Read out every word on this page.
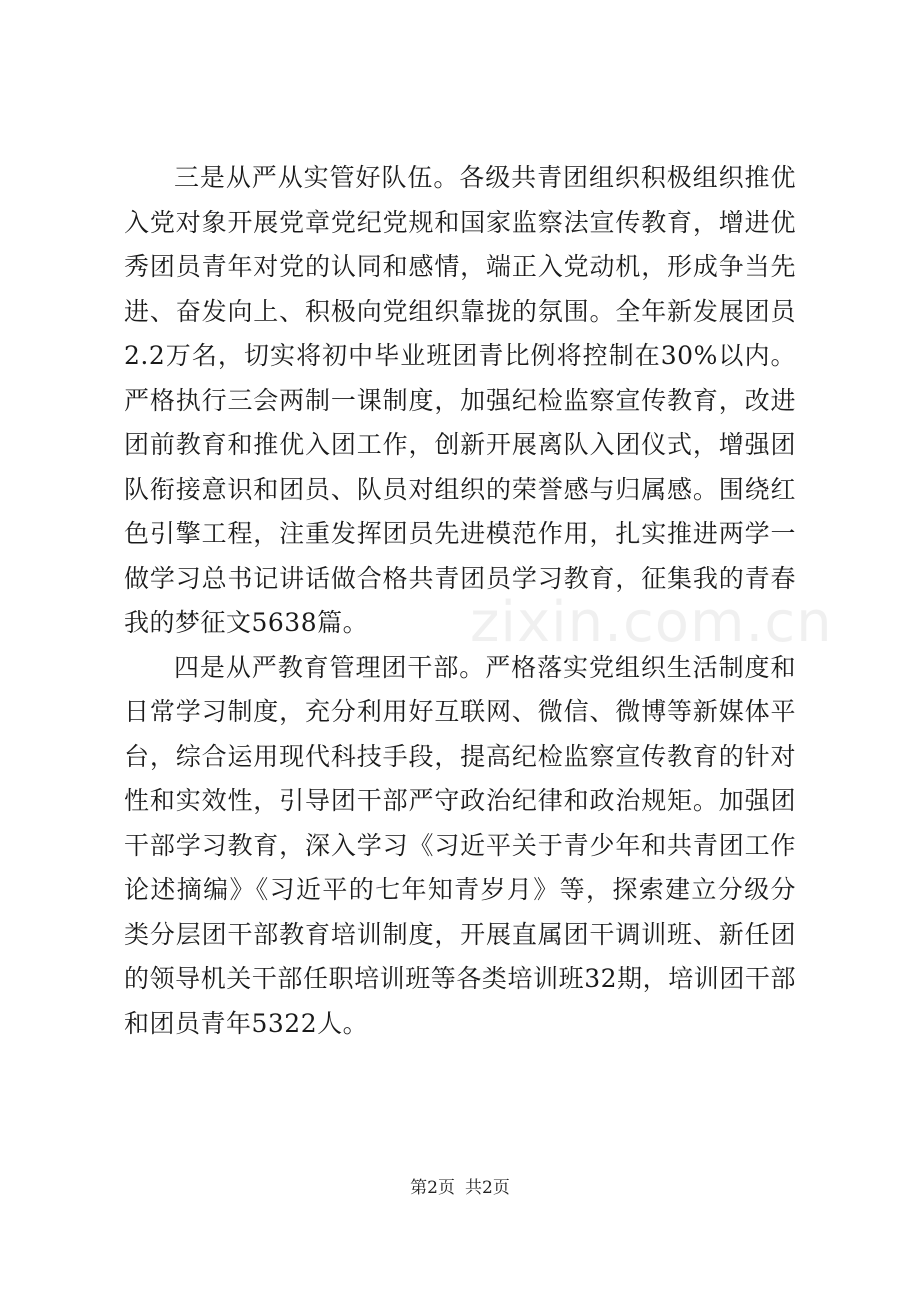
三是从严从实管好队伍。各级共青团组织积极组织推优入党对象开展党章党纪党规和国家监察法宣传教育，增进优秀团员青年对党的认同和感情，端正入党动机，形成争当先进、奋发向上、积极向党组织靠拢的氛围。全年新发展团员2.2万名，切实将初中毕业班团青比例将控制在30%以内。严格执行三会两制一课制度，加强纪检监察宣传教育，改进团前教育和推优入团工作，创新开展离队入团仪式，增强团队衔接意识和团员、队员对组织的荣誉感与归属感。围绕红色引擎工程，注重发挥团员先进模范作用，扎实推进两学一做学习总书记讲话做合格共青团员学习教育，征集我的青春我的梦征文5638篇。

四是从严教育管理团干部。严格落实党组织生活制度和日常学习制度，充分利用好互联网、微信、微博等新媒体平台，综合运用现代科技手段，提高纪检监察宣传教育的针对性和实效性，引导团干部严守政治纪律和政治规矩。加强团干部学习教育，深入学习《习近平关于青少年和共青团工作论述摘编》《习近平的七年知青岁月》等，探索建立分级分类分层团干部教育培训制度，开展直属团干调训班、新任团的领导机关干部任职培训班等各类培训班32期，培训团干部和团员青年5322人。

zixin.com.cn
第2页 共2页
